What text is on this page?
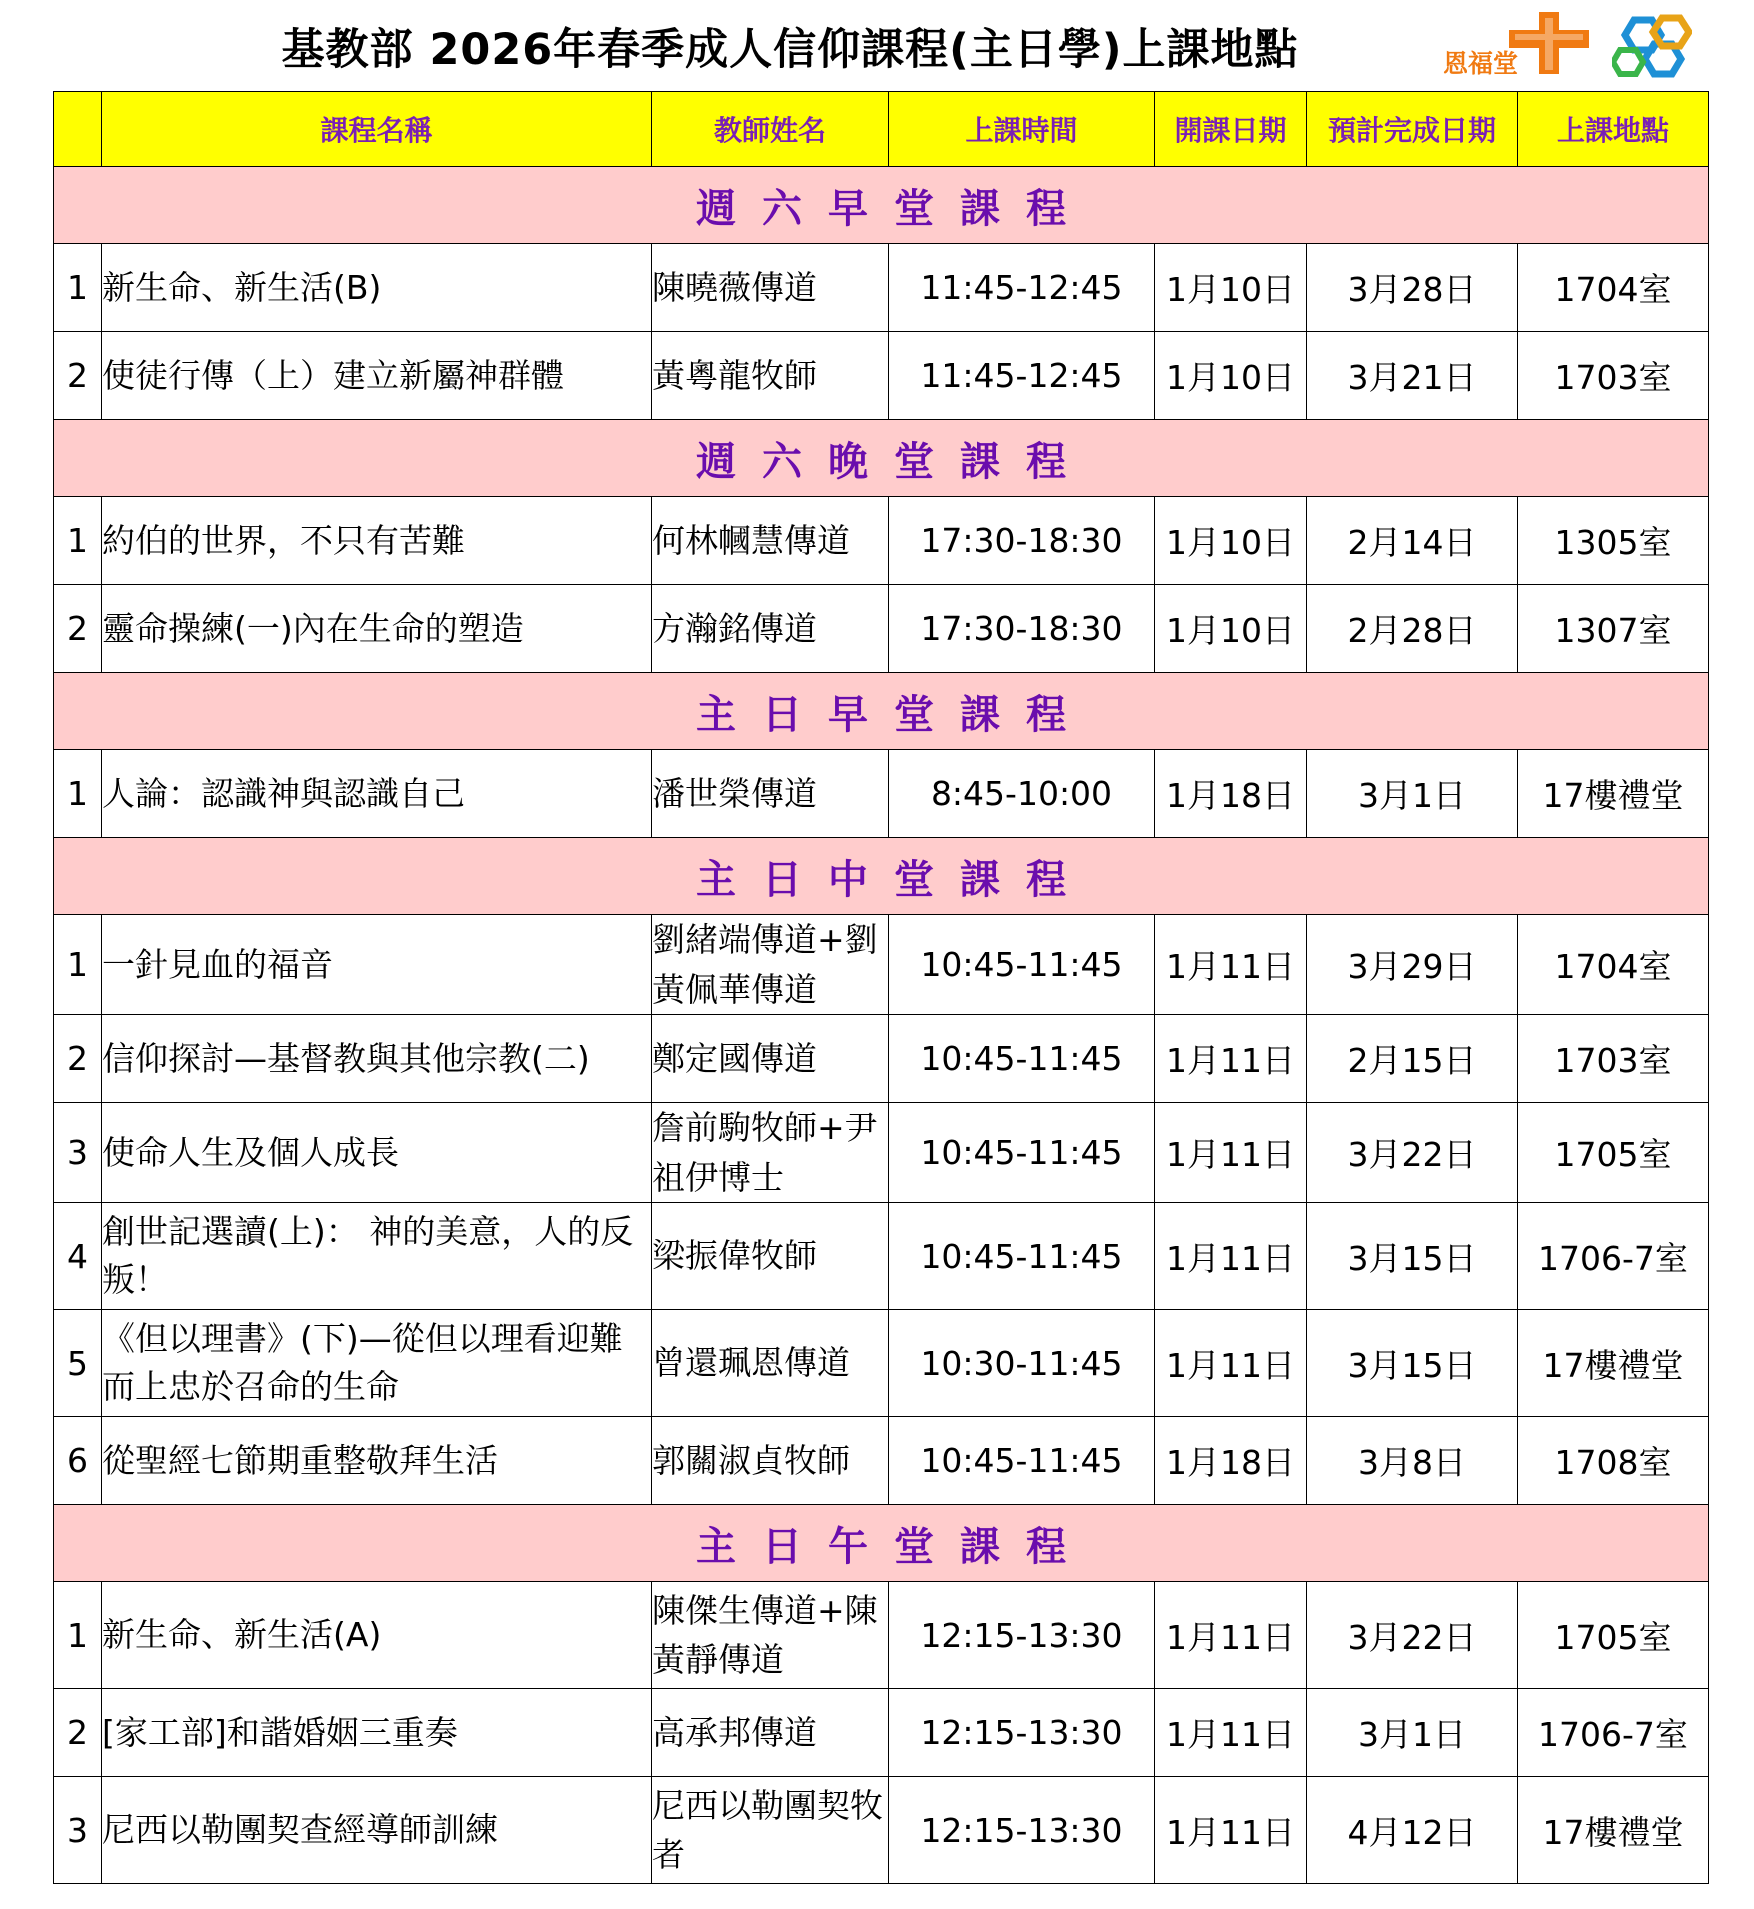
基教部 2026年春季成人信仰課程(主日學)上課地點	恩福堂
	課程名稱	教師姓名	上課時間	開課日期	預計完成日期	上課地點
週六早堂課程						
1	新生命、新生活(B)	陳曉薇傳道	11:45-12:45	1月10日	3月28日	1704室
2	使徒行傳（上）建立新屬神群體	黃粵龍牧師	11:45-12:45	1月10日	3月21日	1703室
週六晚堂課程						
1	約伯的世界，不只有苦難	何林幗慧傳道	17:30-18:30	1月10日	2月14日	1305室
2	靈命操練(一)內在生命的塑造	方瀚銘傳道	17:30-18:30	1月10日	2月28日	1307室
主日早堂課程						
1	人論：認識神與認識自己	潘世榮傳道	8:45-10:00	1月18日	3月1日	17樓禮堂
主日中堂課程						
1	一針見血的福音	劉緒端傳道+劉黃佩華傳道	10:45-11:45	1月11日	3月29日	1704室
2	信仰探討—基督教與其他宗教(二)	鄭定國傳道	10:45-11:45	1月11日	2月15日	1703室
3	使命人生及個人成長	詹前駒牧師+尹祖伊博士	10:45-11:45	1月11日	3月22日	1705室
4	創世記選讀(上)： 神的美意，人的反叛！	梁振偉牧師	10:45-11:45	1月11日	3月15日	1706-7室
5	《但以理書》(下)—從但以理看迎難而上忠於召命的生命	曾還珮恩傳道	10:30-11:45	1月11日	3月15日	17樓禮堂
6	從聖經七節期重整敬拜生活	郭關淑貞牧師	10:45-11:45	1月18日	3月8日	1708室
主日午堂課程						
1	新生命、新生活(A)	陳傑生傳道+陳黃靜傳道	12:15-13:30	1月11日	3月22日	1705室
2	[家工部]和諧婚姻三重奏	高承邦傳道	12:15-13:30	1月11日	3月1日	1706-7室
3	尼西以勒團契查經導師訓練	尼西以勒團契牧者	12:15-13:30	1月11日	4月12日	17樓禮堂
